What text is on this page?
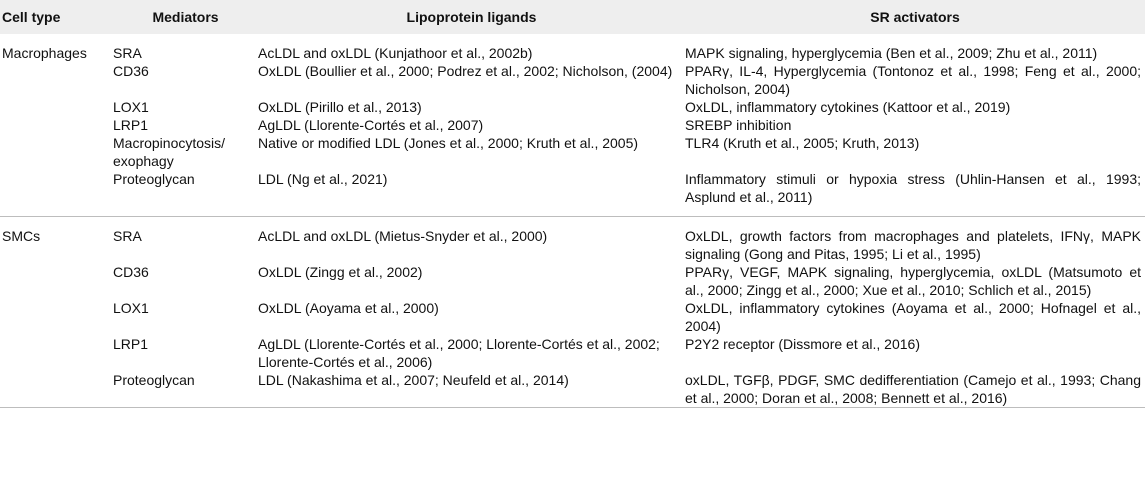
Cell type	Mediators	Lipoprotein ligands	SR activators
Macrophages	SRA	AcLDL and oxLDL (Kunjathoor et al., 2002b)	MAPK signaling, hyperglycemia (Ben et al., 2009; Zhu et al., 2011)
	CD36	OxLDL (Boullier et al., 2000; Podrez et al., 2002; Nicholson, (2004)	PPARγ, IL-4, Hyperglycemia (Tontonoz et al., 1998; Feng et al., 2000; Nicholson, 2004)
	LOX1	OxLDL (Pirillo et al., 2013)	OxLDL, inflammatory cytokines (Kattoor et al., 2019)
	LRP1	AgLDL (Llorente-Cortés et al., 2007)	SREBP inhibition
	Macropinocytosis/ exophagy	Native or modified LDL (Jones et al., 2000; Kruth et al., 2005)	TLR4 (Kruth et al., 2005; Kruth, 2013)
	Proteoglycan	LDL (Ng et al., 2021)	Inflammatory stimuli or hypoxia stress (Uhlin-Hansen et al., 1993; Asplund et al., 2011)
SMCs	SRA	AcLDL and oxLDL (Mietus-Snyder et al., 2000)	OxLDL, growth factors from macrophages and platelets, IFNγ, MAPK signaling (Gong and Pitas, 1995; Li et al., 1995)
	CD36	OxLDL (Zingg et al., 2002)	PPARγ, VEGF, MAPK signaling, hyperglycemia, oxLDL (Matsumoto et al., 2000; Zingg et al., 2000; Xue et al., 2010; Schlich et al., 2015)
	LOX1	OxLDL (Aoyama et al., 2000)	OxLDL, inflammatory cytokines (Aoyama et al., 2000; Hofnagel et al., 2004)
	LRP1	AgLDL (Llorente-Cortés et al., 2000; Llorente-Cortés et al., 2002; Llorente-Cortés et al., 2006)	P2Y2 receptor (Dissmore et al., 2016)
	Proteoglycan	LDL (Nakashima et al., 2007; Neufeld et al., 2014)	oxLDL, TGFβ, PDGF, SMC dedifferentiation (Camejo et al., 1993; Chang et al., 2000; Doran et al., 2008; Bennett et al., 2016)
